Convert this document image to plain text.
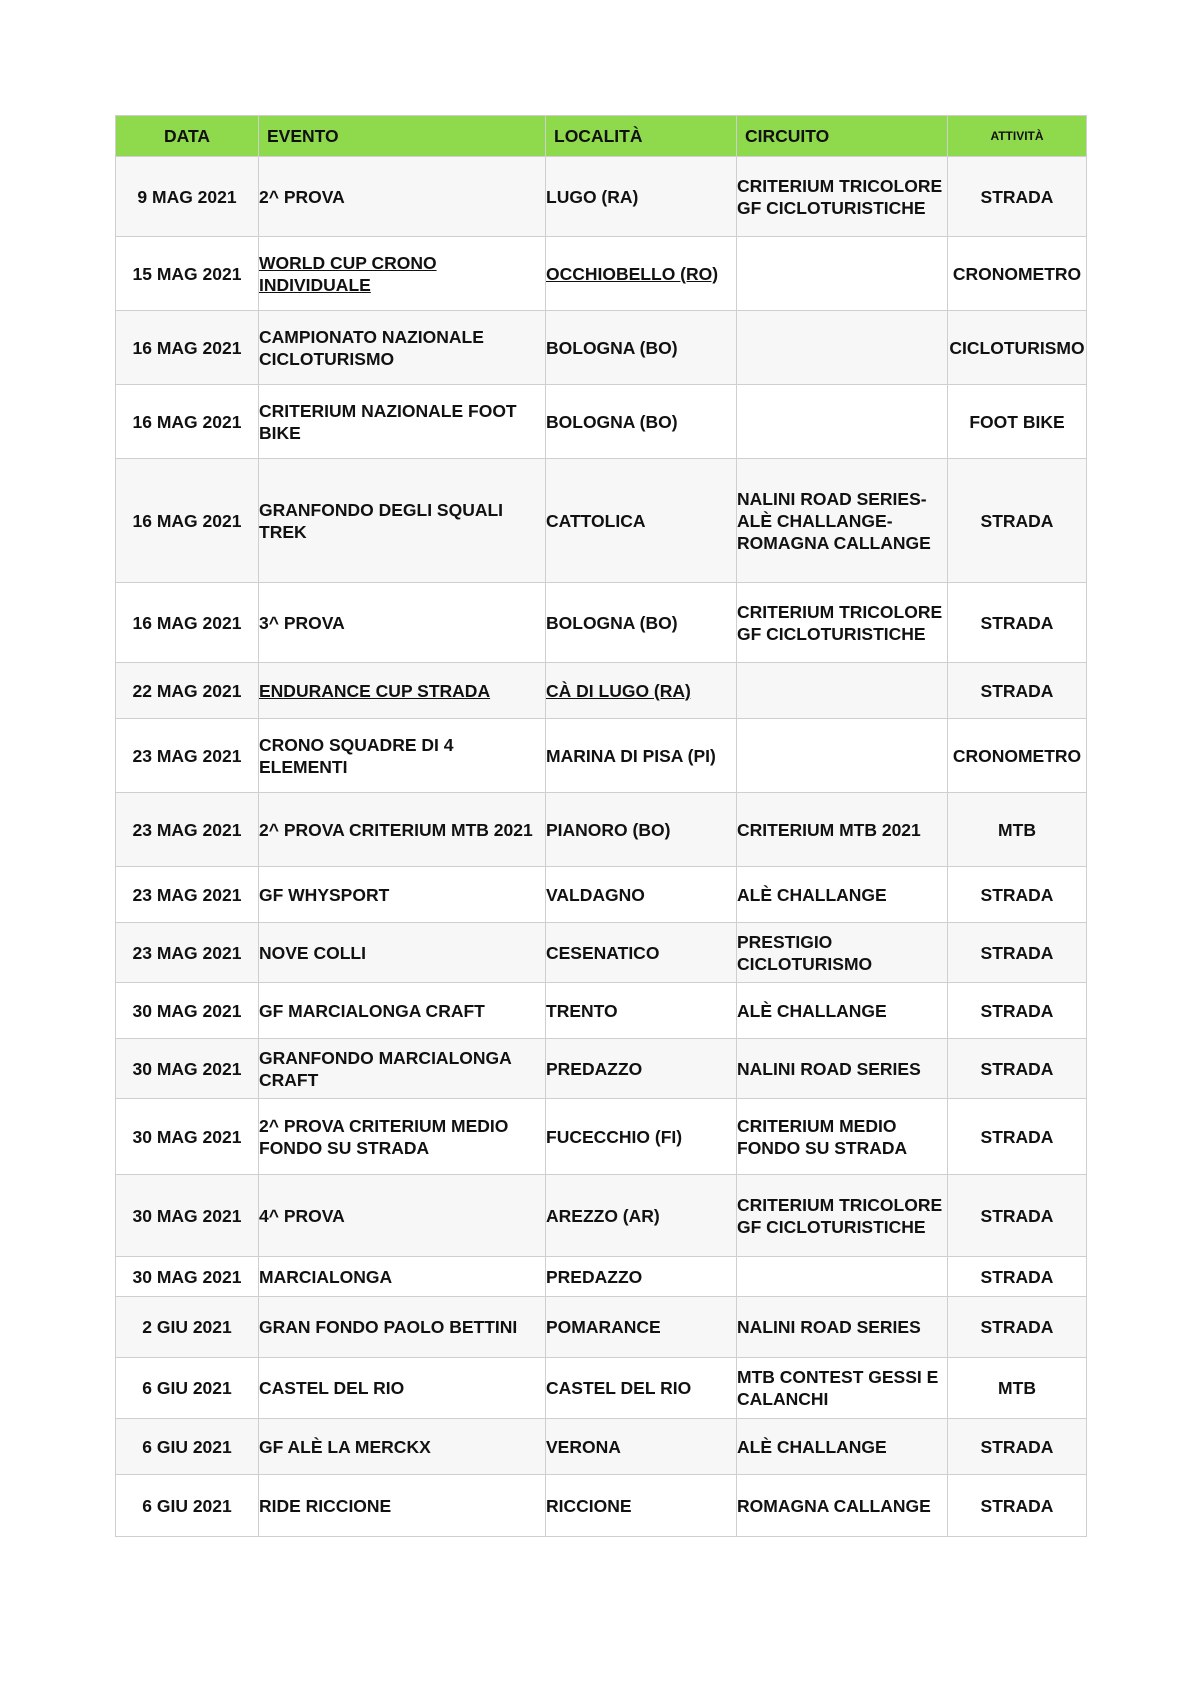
DATA	EVENTO	LOCALITÀ	CIRCUITO	ATTIVITÀ
9 MAG 2021	2^ PROVA	LUGO (RA)	CRITERIUM TRICOLORE GF CICLOTURISTICHE	STRADA
15 MAG 2021	WORLD CUP CRONO INDIVIDUALE	OCCHIOBELLO (RO)		CRONOMETRO
16 MAG 2021	CAMPIONATO NAZIONALE CICLOTURISMO	BOLOGNA (BO)		CICLOTURISMO
16 MAG 2021	CRITERIUM NAZIONALE FOOT BIKE	BOLOGNA (BO)		FOOT BIKE
16 MAG 2021	GRANFONDO DEGLI SQUALI TREK	CATTOLICA	NALINI ROAD SERIES-ALÈ CHALLANGE-ROMAGNA CALLANGE	STRADA
16 MAG 2021	3^ PROVA	BOLOGNA (BO)	CRITERIUM TRICOLORE GF CICLOTURISTICHE	STRADA
22 MAG 2021	ENDURANCE CUP STRADA	CÀ DI LUGO (RA)		STRADA
23 MAG 2021	CRONO SQUADRE DI 4 ELEMENTI	MARINA DI PISA (PI)		CRONOMETRO
23 MAG 2021	2^ PROVA CRITERIUM MTB 2021	PIANORO (BO)	CRITERIUM MTB 2021	MTB
23 MAG 2021	GF WHYSPORT	VALDAGNO	ALÈ CHALLANGE	STRADA
23 MAG 2021	NOVE COLLI	CESENATICO	PRESTIGIO CICLOTURISMO	STRADA
30 MAG 2021	GF MARCIALONGA CRAFT	TRENTO	ALÈ CHALLANGE	STRADA
30 MAG 2021	GRANFONDO MARCIALONGA CRAFT	PREDAZZO	NALINI ROAD SERIES	STRADA
30 MAG 2021	2^ PROVA CRITERIUM MEDIO FONDO SU STRADA	FUCECCHIO (FI)	CRITERIUM MEDIO FONDO SU STRADA	STRADA
30 MAG 2021	4^ PROVA	AREZZO (AR)	CRITERIUM TRICOLORE GF CICLOTURISTICHE	STRADA
30 MAG 2021	MARCIALONGA	PREDAZZO		STRADA
2 GIU 2021	GRAN FONDO PAOLO BETTINI	POMARANCE	NALINI ROAD SERIES	STRADA
6 GIU 2021	CASTEL DEL RIO	CASTEL DEL RIO	MTB CONTEST GESSI E CALANCHI	MTB
6 GIU 2021	GF ALÈ LA MERCKX	VERONA	ALÈ CHALLANGE	STRADA
6 GIU 2021	RIDE RICCIONE	RICCIONE	ROMAGNA CALLANGE	STRADA
